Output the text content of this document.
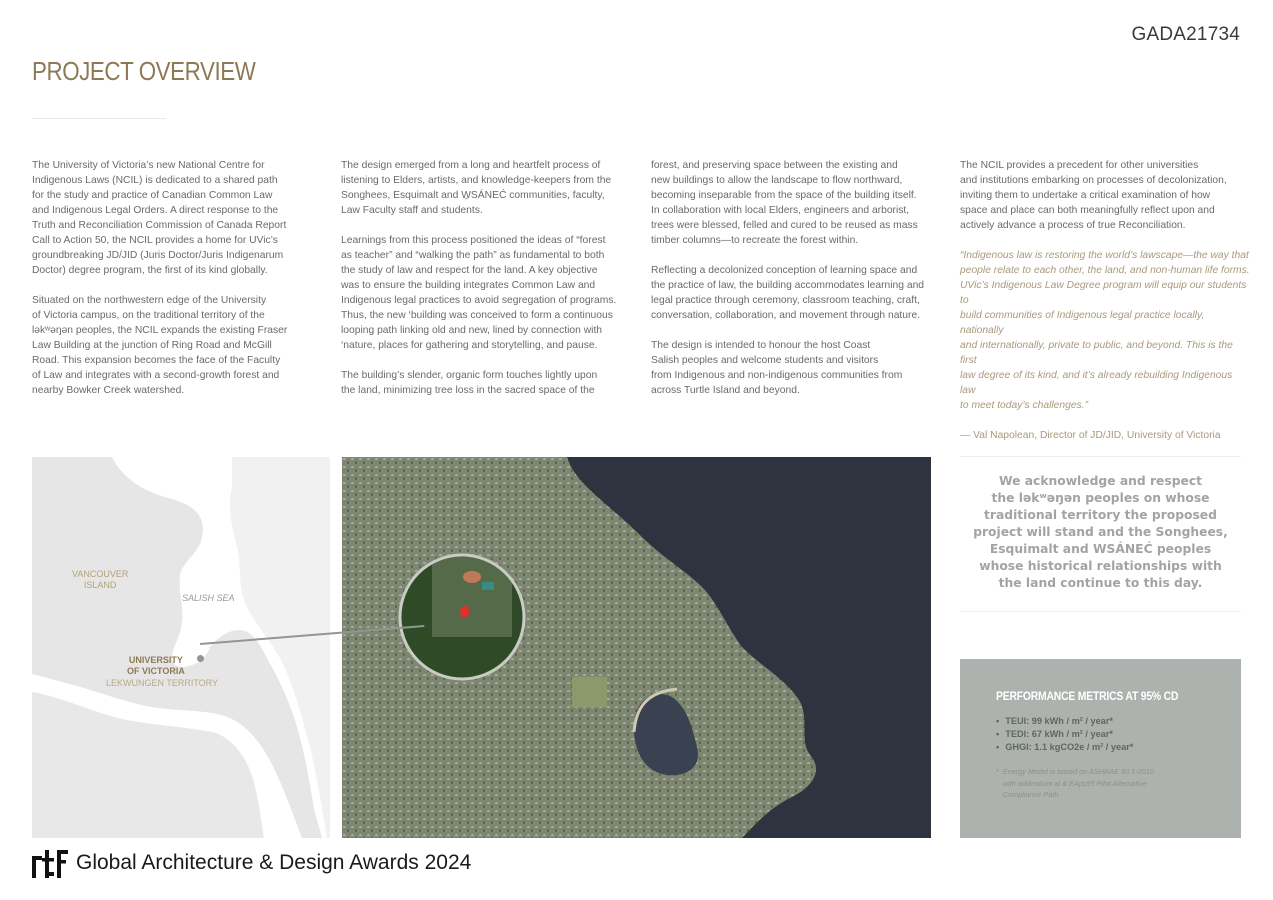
GADA21734
PROJECT OVERVIEW

The University of Victoria’s new National Centre for
Indigenous Laws (NCIL) is dedicated to a shared path
for the study and practice of Canadian Common Law
and Indigenous Legal Orders. A direct response to the
Truth and Reconciliation Commission of Canada Report
Call to Action 50, the NCIL provides a home for UVic’s
groundbreaking JD/JID (Juris Doctor/Juris Indigenarum
Doctor) degree program, the first of its kind globally.

Situated on the northwestern edge of the University
of Victoria campus, on the traditional territory of the
ləkʷəŋən peoples, the NCIL expands the existing Fraser
Law Building at the junction of Ring Road and McGill
Road. This expansion becomes the face of the Faculty
of Law and integrates with a second-growth forest and
nearby Bowker Creek watershed.

The design emerged from a long and heartfelt process of
listening to Elders, artists, and knowledge-keepers from the
Songhees, Esquimalt and W̱SÁNEĆ communities, faculty,
Law Faculty staff and students.

Learnings from this process positioned the ideas of “forest
as teacher” and “walking the path” as fundamental to both
the study of law and respect for the land. A key objective
was to ensure the building integrates Common Law and
Indigenous legal practices to avoid segregation of programs.
Thus, the new ‘building was conceived to form a continuous
looping path linking old and new, lined by connection with
‘nature, places for gathering and storytelling, and pause.

The building’s slender, organic form touches lightly upon
the land, minimizing tree loss in the sacred space of the

forest, and preserving space between the existing and
new buildings to allow the landscape to flow northward,
becoming inseparable from the space of the building itself.
In collaboration with local Elders, engineers and arborist,
trees were blessed, felled and cured to be reused as mass
timber columns—to recreate the forest within.

Reflecting a decolonized conception of learning space and
the practice of law, the building accommodates learning and
legal practice through ceremony, classroom teaching, craft,
conversation, collaboration, and movement through nature.

The design is intended to honour the host Coast
Salish peoples and welcome students and visitors
from Indigenous and non-indigenous communities from
across Turtle Island and beyond.

The NCIL provides a precedent for other universities
and institutions embarking on processes of decolonization,
inviting them to undertake a critical examination of how
space and place can both meaningfully reflect upon and
actively advance a process of true Reconciliation.

“Indigenous law is restoring the world’s lawscape—the way that
people relate to each other, the land, and non-human life forms.
UVic’s Indigenous Law Degree program will equip our students to
build communities of Indigenous legal practice locally, nationally
and internationally, private to public, and beyond. This is the first
law degree of its kind, and it’s already rebuilding Indigenous law
to meet today’s challenges.”

— Val Napolean, Director of JD/JID, University of Victoria

VANCOUVER
ISLAND
SALISH SEA
UNIVERSITY
OF VICTORIA
LEKWUNGEN TERRITORY
We acknowledge and respect
the ləkʷəŋən peoples on whose
traditional territory the proposed
project will stand and the Songhees,
Esquimalt and WSÁNEĆ peoples
whose historical relationships with
the land continue to this day.
PERFORMANCE METRICS AT 95% CD
• TEUI: 99 kWh / m² / year*
• TEDI: 67 kWh / m² / year*
• GHGI: 1.1 kgCO2e / m² / year*
* Energy Model is based on ASHRAE 90.1-2010
with addendum al & EApc95 Pilot Alternative
Compliance Path
Global Architecture & Design Awards 2024
